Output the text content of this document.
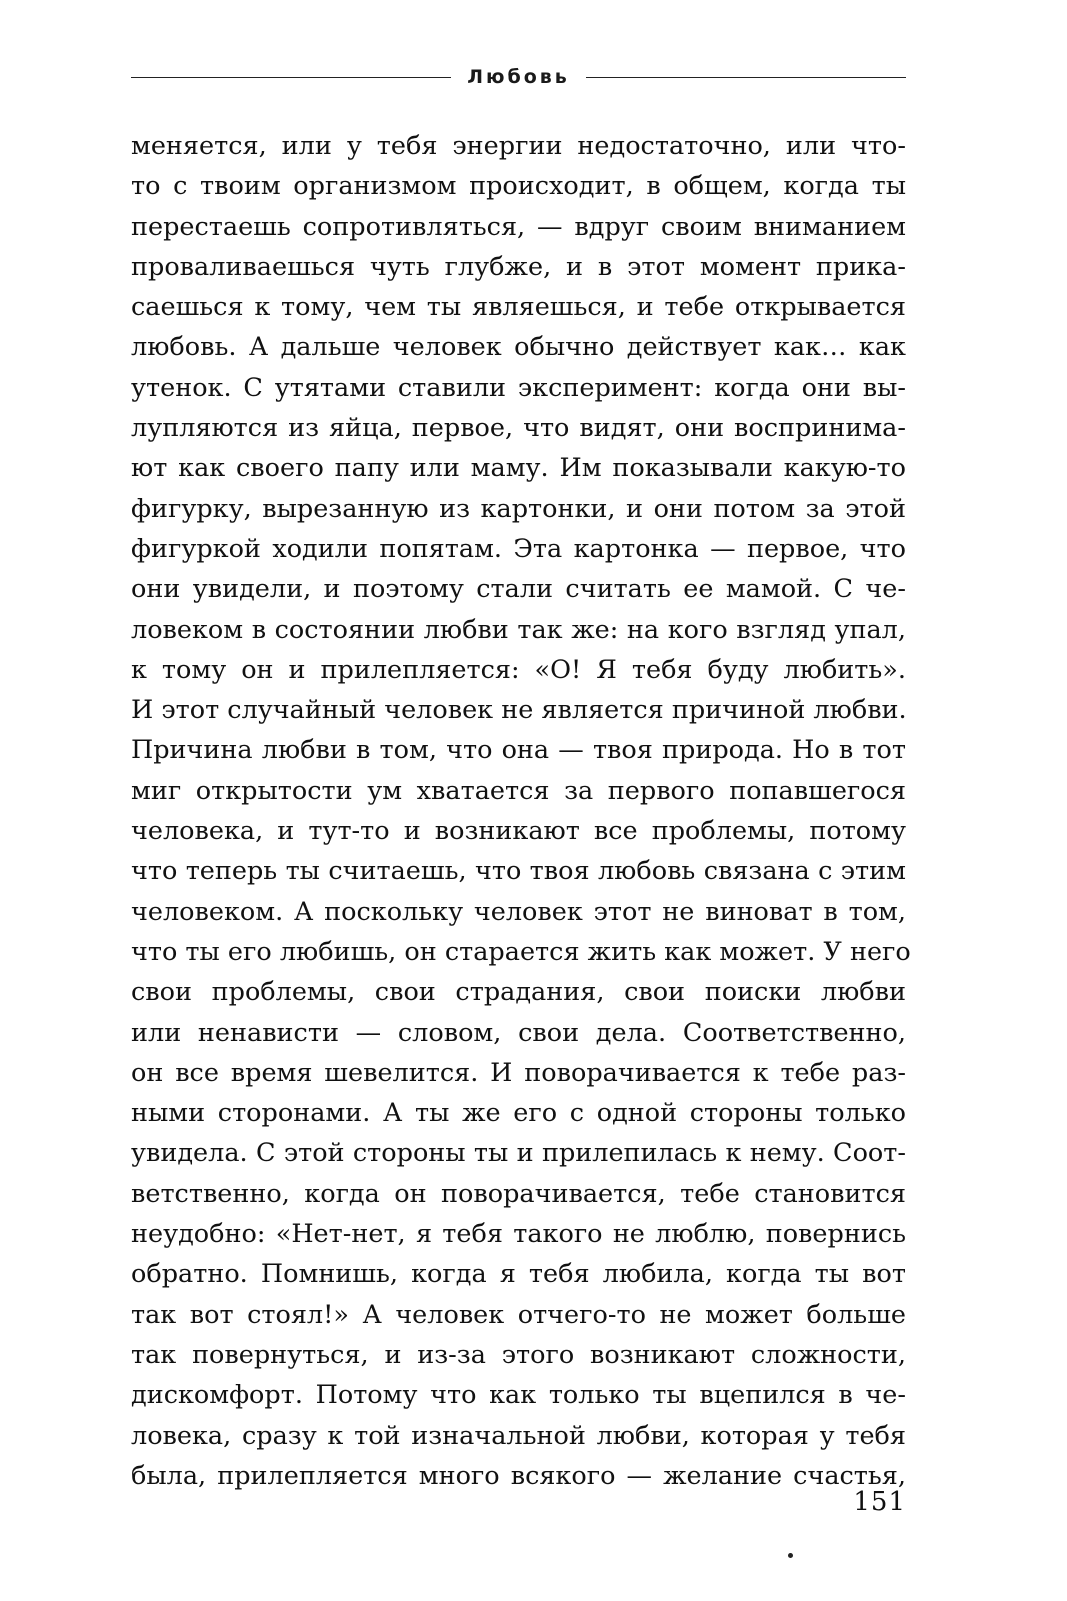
Любовь
меняется, или у тебя энергии недостаточно, или что-
то с твоим организмом происходит, в общем, когда ты
перестаешь сопротивляться, — вдруг своим вниманием
проваливаешься чуть глубже, и в этот момент прика-
саешься к тому, чем ты являешься, и тебе открывается
любовь. А дальше человек обычно действует как… как
утенок. С утятами ставили эксперимент: когда они вы-
лупляются из яйца, первое, что видят, они воспринима-
ют как своего папу или маму. Им показывали какую-то
фигурку, вырезанную из картонки, и они потом за этой
фигуркой ходили попятам. Эта картонка — первое, что
они увидели, и поэтому стали считать ее мамой. С че-
ловеком в состоянии любви так же: на кого взгляд упал,
к тому он и прилепляется: «О! Я тебя буду любить».
И этот случайный человек не является причиной любви.
Причина любви в том, что она — твоя природа. Но в тот
миг открытости ум хватается за первого попавшегося
человека, и тут-то и возникают все проблемы, потому
что теперь ты считаешь, что твоя любовь связана с этим
человеком. А поскольку человек этот не виноват в том,
что ты его любишь, он старается жить как может. У него
свои проблемы, свои страдания, свои поиски любви
или ненависти — словом, свои дела. Соответственно,
он все время шевелится. И поворачивается к тебе раз-
ными сторонами. А ты же его с одной стороны только
увидела. С этой стороны ты и прилепилась к нему. Соот-
ветственно, когда он поворачивается, тебе становится
неудобно: «Нет-нет, я тебя такого не люблю, повернись
обратно. Помнишь, когда я тебя любила, когда ты вот
так вот стоял!» А человек отчего-то не может больше
так повернуться, и из-за этого возникают сложности,
дискомфорт. Потому что как только ты вцепился в че-
ловека, сразу к той изначальной любви, которая у тебя
была, прилепляется много всякого — желание счастья,
151
